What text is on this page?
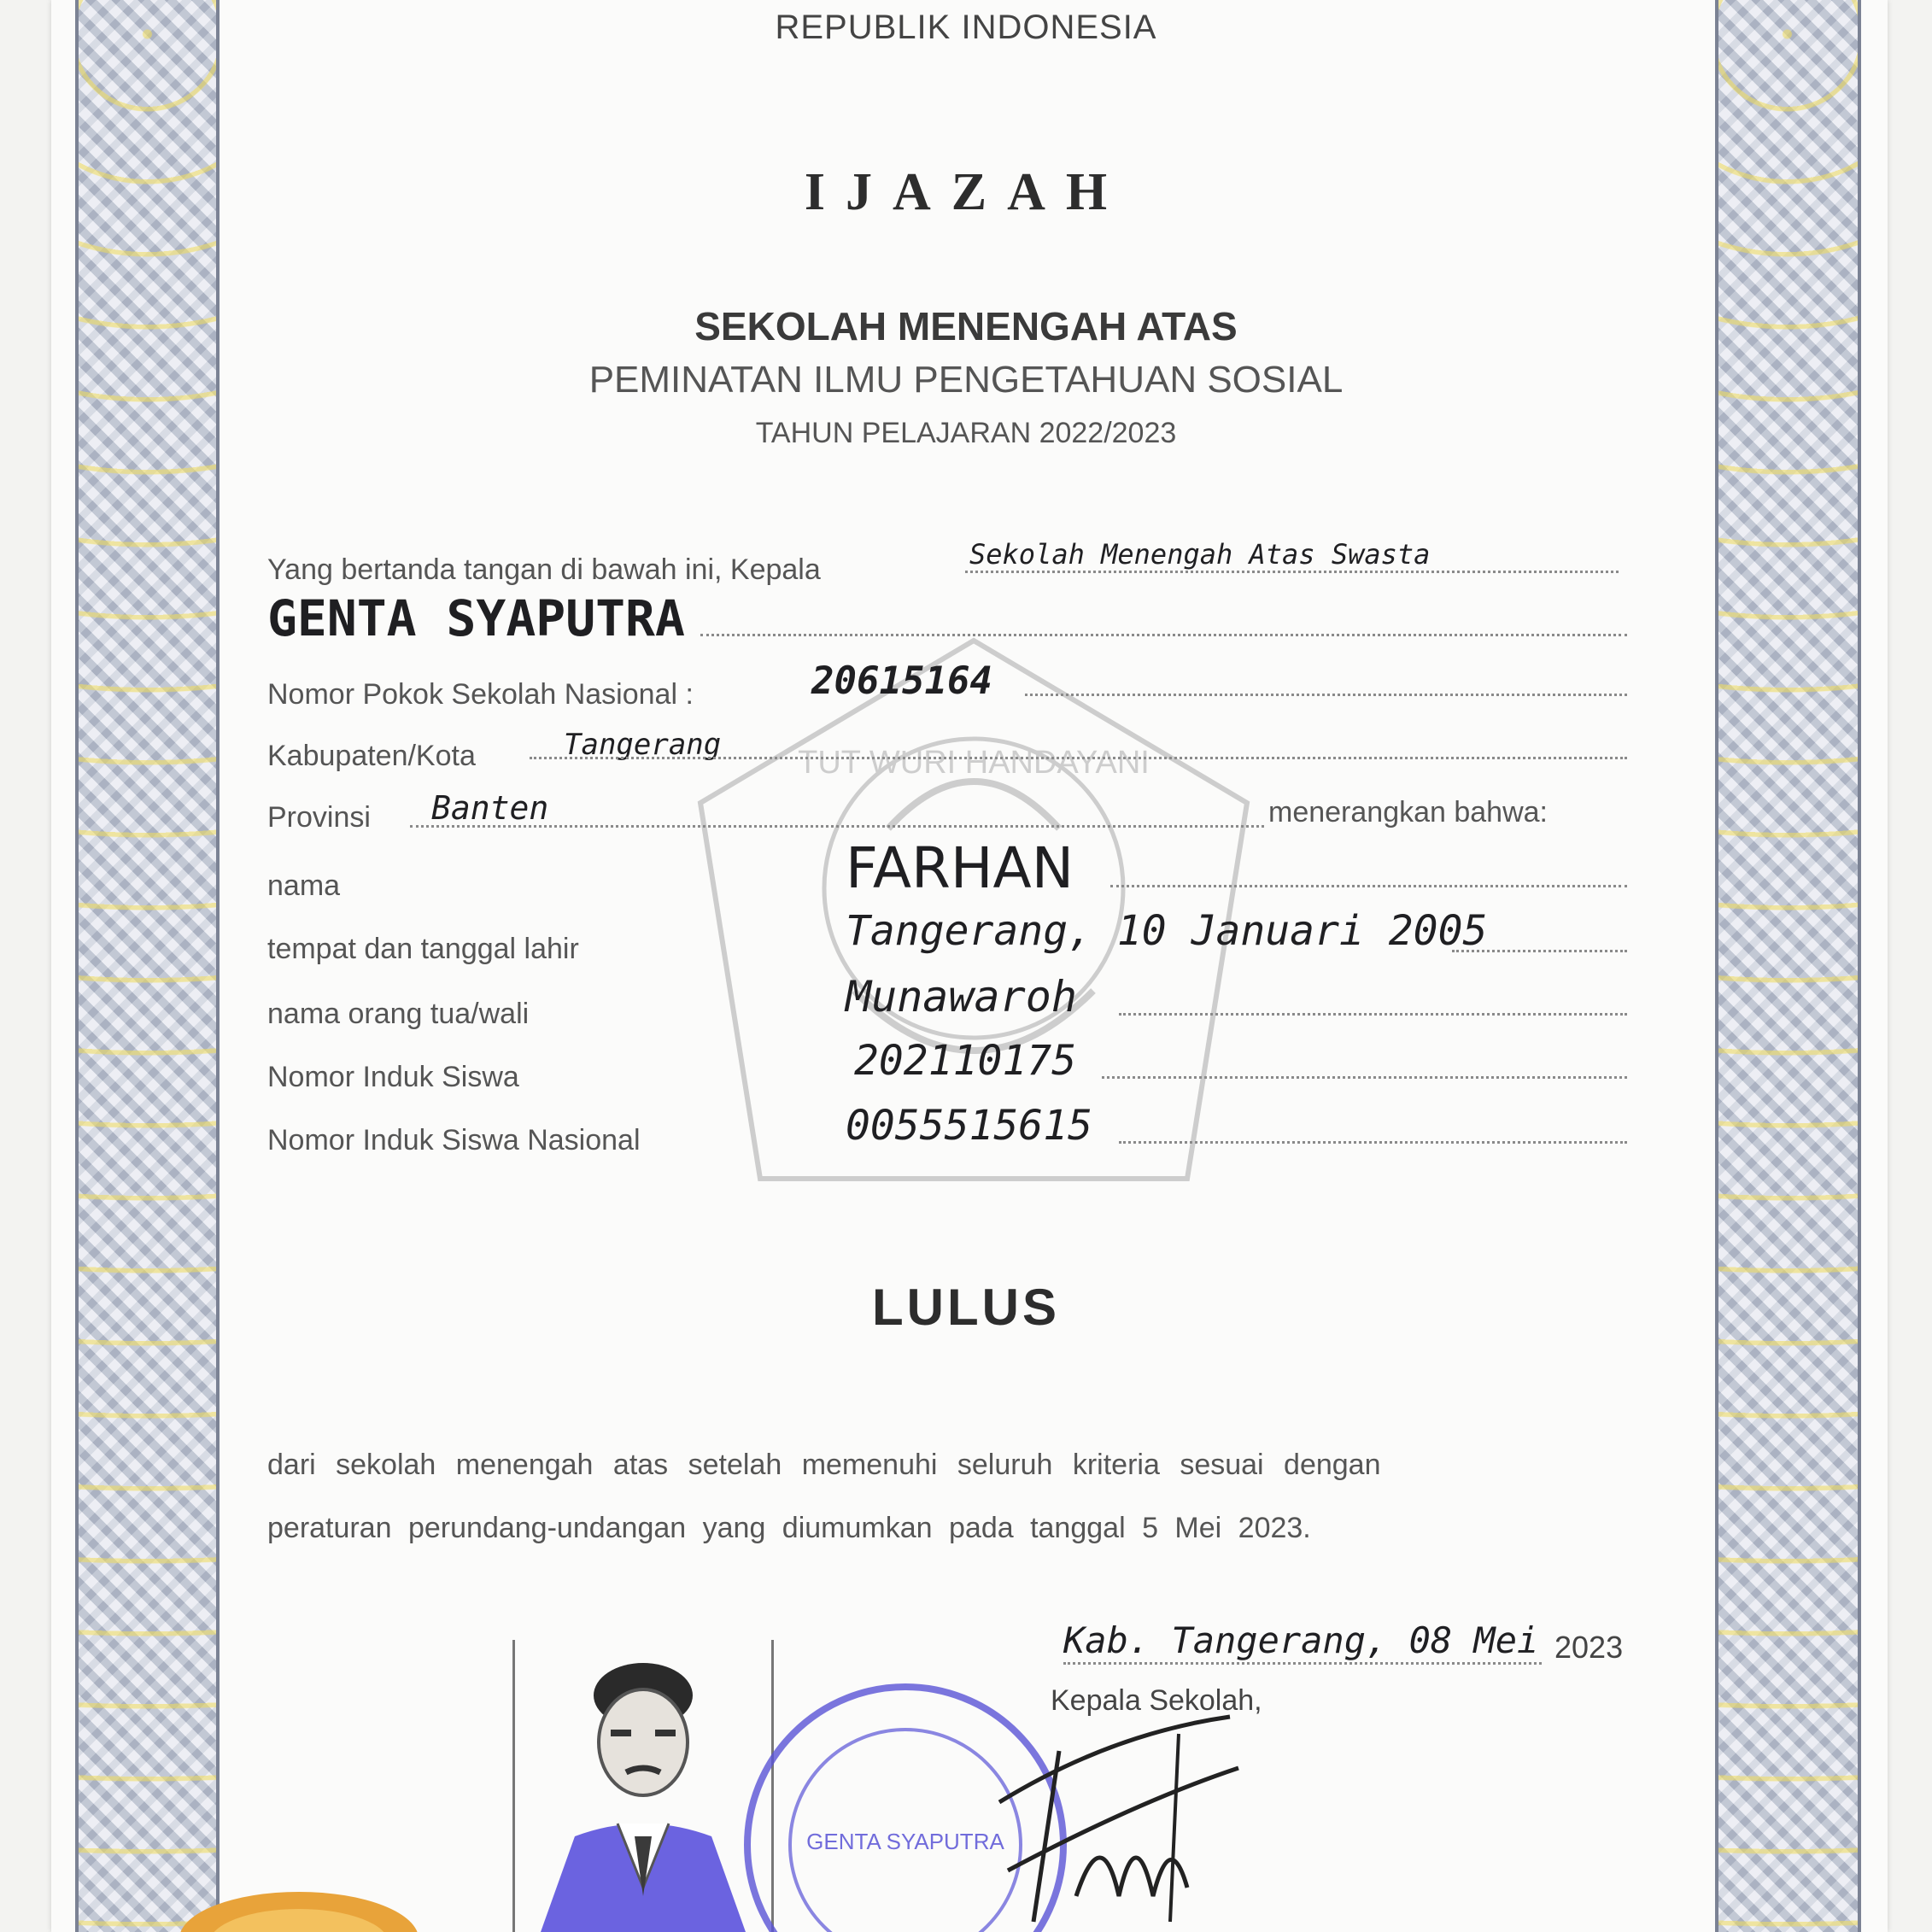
TUT WURI HANDAYANI
REPUBLIK INDONESIA
IJAZAH
SEKOLAH MENENGAH ATAS
PEMINATAN ILMU PENGETAHUAN SOSIAL
TAHUN PELAJARAN 2022/2023
Yang bertanda tangan di bawah ini, Kepala	Sekolah Menengah Atas Swasta
GENTA SYAPUTRA
Nomor Pokok Sekolah Nasional :	20615164
Kabupaten/Kota	Tangerang
Provinsi Banten	menerangkan bahwa:
nama	FARHAN
tempat dan tanggal lahir	Tangerang, 10 Januari 2005
nama orang tua/wali	Munawaroh
Nomor Induk Siswa	202110175
Nomor Induk Siswa Nasional	0055515615
LULUS
dari sekolah menengah atas setelah memenuhi seluruh kriteria sesuai dengan
peraturan perundang-undangan yang diumumkan pada tanggal 5 Mei 2023.
Kab. Tangerang, 08 Mei 2023
Kepala Sekolah,
GENTA SYAPUTRA
